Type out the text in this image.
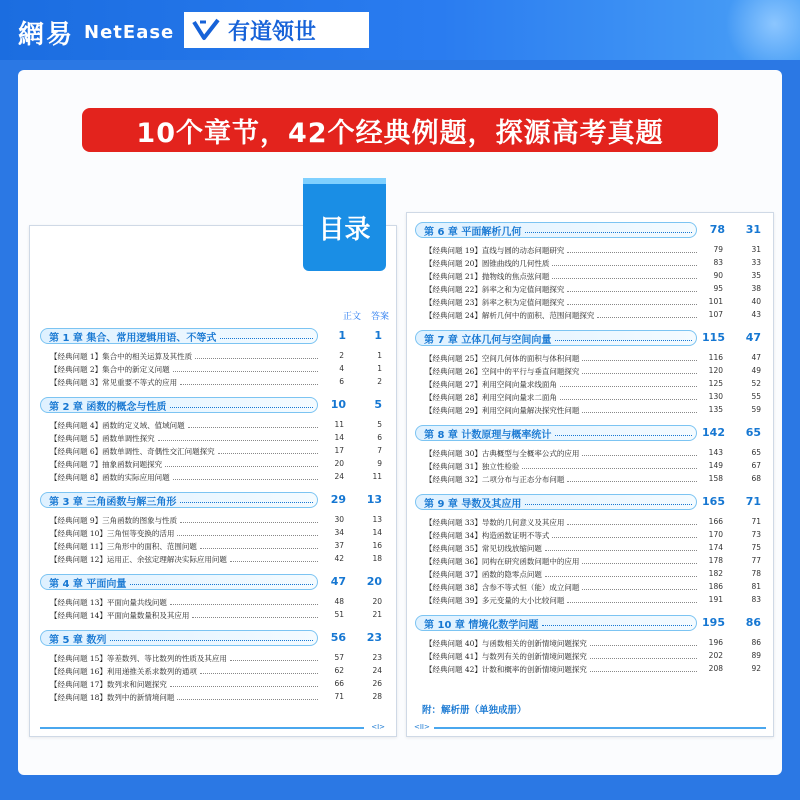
網易 NetEase 有道领世
10个章节，42个经典例题，探源高考真题
目录
正文 答案
第 1 章 集合、常用逻辑用语、不等式	1	1
【经典问题 1】集合中的相关运算及其性质	2	1
【经典问题 2】集合中的新定义问题	4	1
【经典问题 3】常见重要不等式的应用	6	2
第 2 章 函数的概念与性质	10	5
【经典问题 4】函数的定义域、值域问题	11	5
【经典问题 5】函数单调性探究	14	6
【经典问题 6】函数单调性、奇偶性交汇问题探究	17	7
【经典问题 7】抽象函数问题探究	20	9
【经典问题 8】函数的实际应用问题	24	11
第 3 章 三角函数与解三角形	29	13
【经典问题 9】三角函数的图象与性质	30	13
【经典问题 10】三角恒等变换的活用	34	14
【经典问题 11】三角形中的面积、范围问题	37	16
【经典问题 12】运用正、余弦定理解决实际应用问题	42	18
第 4 章 平面向量	47	20
【经典问题 13】平面向量共线问题	48	20
【经典问题 14】平面向量数量积及其应用	51	21
第 5 章 数列	56	23
【经典问题 15】等差数列、等比数列的性质及其应用	57	23
【经典问题 16】利用递推关系求数列的通项	62	24
【经典问题 17】数列求和问题探究	66	26
【经典问题 18】数列中的新情境问题	71	28
第 6 章 平面解析几何	78	31
【经典问题 19】直线与圆的动态问题研究	79	31
【经典问题 20】圆锥曲线的几何性质	83	33
【经典问题 21】抛物线的焦点弦问题	90	35
【经典问题 22】斜率之和为定值问题探究	95	38
【经典问题 23】斜率之积为定值问题探究	101	40
【经典问题 24】解析几何中的面积、范围问题探究	107	43
第 7 章 立体几何与空间向量	115	47
【经典问题 25】空间几何体的面积与体积问题	116	47
【经典问题 26】空间中的平行与垂直问题探究	120	49
【经典问题 27】利用空间向量求线面角	125	52
【经典问题 28】利用空间向量求二面角	130	55
【经典问题 29】利用空间向量解决探究性问题	135	59
第 8 章 计数原理与概率统计	142	65
【经典问题 30】古典概型与全概率公式的应用	143	65
【经典问题 31】独立性检验	149	67
【经典问题 32】二项分布与正态分布问题	158	68
第 9 章 导数及其应用	165	71
【经典问题 33】导数的几何意义及其应用	166	71
【经典问题 34】构造函数证明不等式	170	73
【经典问题 35】常见切线放缩问题	174	75
【经典问题 36】同构在研究函数问题中的应用	178	77
【经典问题 37】函数的隐零点问题	182	78
【经典问题 38】含参不等式恒（能）成立问题	186	81
【经典问题 39】多元变量的大小比较问题	191	83
第 10 章 情境化数学问题	195	86
【经典问题 40】与函数相关的创新情境问题探究	196	86
【经典问题 41】与数列有关的创新情境问题探究	202	89
【经典问题 42】计数和概率的创新情境问题探究	208	92
附：解析册（单独成册）
<I>	<II>
